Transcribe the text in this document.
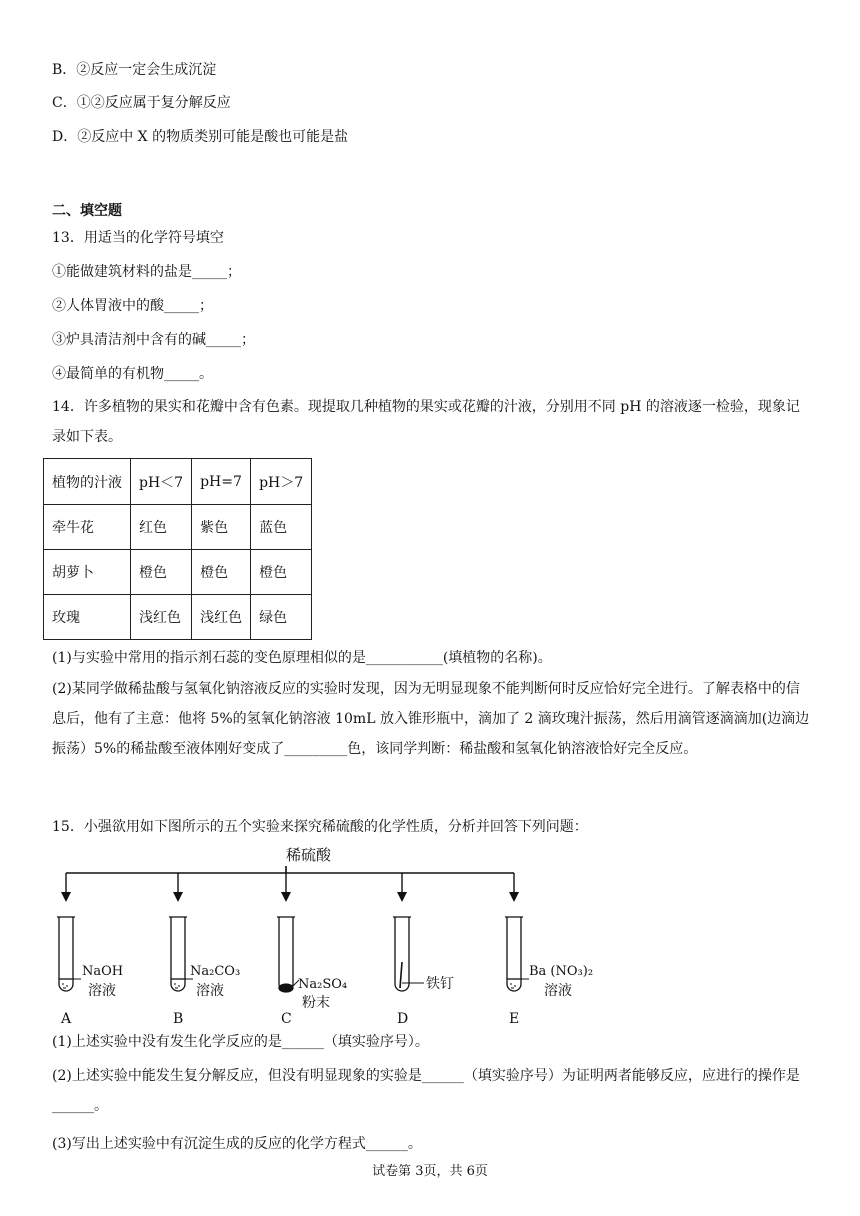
B．②反应一定会生成沉淀
C．①②反应属于复分解反应
D．②反应中 X 的物质类别可能是酸也可能是盐
二、填空题
13．用适当的化学符号填空
①能做建筑材料的盐是_____；
②人体胃液中的酸_____；
③炉具清洁剂中含有的碱_____；
④最简单的有机物_____。
14．许多植物的果实和花瓣中含有色素。现提取几种植物的果实或花瓣的汁液，分别用不同 pH 的溶液逐一检验，现象记录如下表。
植物的汁液	pH＜7	pH=7	pH＞7
牵牛花	红色	紫色	蓝色
胡萝卜	橙色	橙色	橙色
玫瑰	浅红色	浅红色	绿色
(1)与实验中常用的指示剂石蕊的变色原理相似的是___________(填植物的名称)。
(2)某同学做稀盐酸与氢氧化钠溶液反应的实验时发现，因为无明显现象不能判断何时反应恰好完全进行。了解表格中的信息后，他有了主意：他将 5%的氢氧化钠溶液 10mL 放入锥形瓶中，滴加了 2 滴玫瑰汁振荡，然后用滴管逐滴滴加(边滴边振荡）5%的稀盐酸至液体刚好变成了_________色，该同学判断：稀盐酸和氢氧化钠溶液恰好完全反应。
15．小强欲用如下图所示的五个实验来探究稀硫酸的化学性质，分析并回答下列问题：
稀硫酸
NaOH
溶液
Na₂CO₃
溶液	Na₂SO₄
粉末
铁钉
Ba (NO₃)₂
溶液
A	B	C	D	E
(1)上述实验中没有发生化学反应的是______（填实验序号）。
(2)上述实验中能发生复分解反应，但没有明显现象的实验是______（填实验序号）为证明两者能够反应，应进行的操作是______。
(3)写出上述实验中有沉淀生成的反应的化学方程式______。
试卷第 3页，共 6页
